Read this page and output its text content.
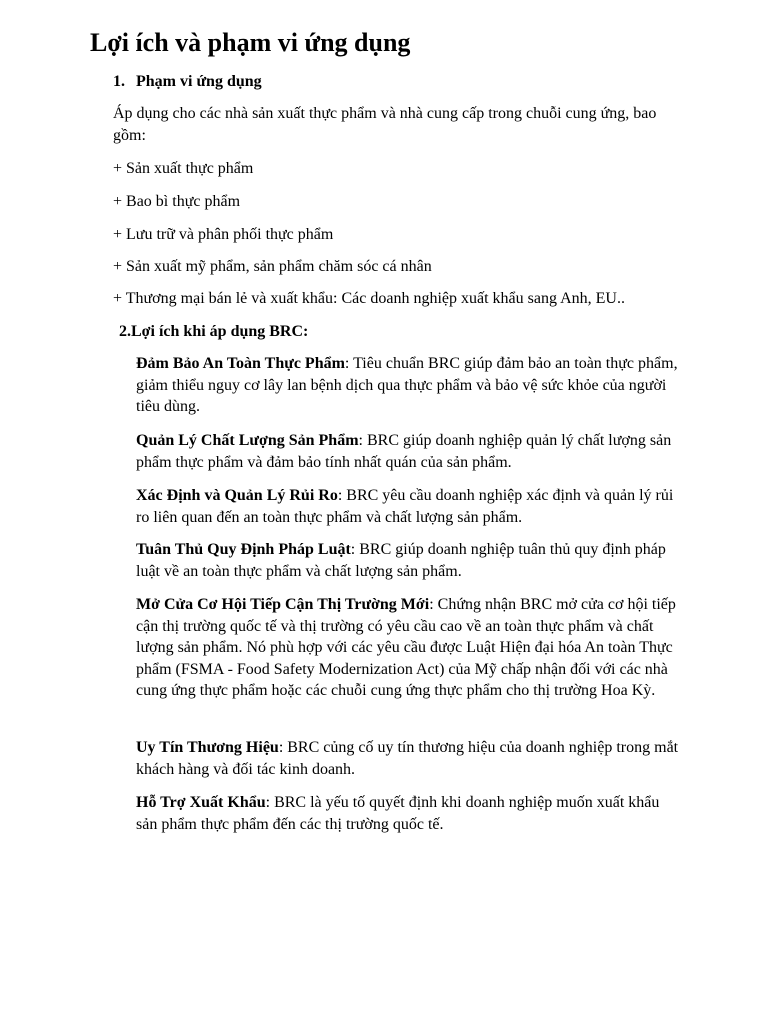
Lợi ích và phạm vi ứng dụng

1. Phạm vi ứng dụng

Áp dụng cho các nhà sản xuất thực phẩm và nhà cung cấp trong chuỗi cung ứng, bao gồm:

+ Sản xuất thực phẩm

+ Bao bì thực phẩm

+ Lưu trữ và phân phối thực phẩm

+ Sản xuất mỹ phẩm, sản phẩm chăm sóc cá nhân

+ Thương mại bán lẻ và xuất khẩu: Các doanh nghiệp xuất khẩu sang Anh, EU..

2.Lợi ích khi áp dụng BRC:

Đảm Bảo An Toàn Thực Phẩm: Tiêu chuẩn BRC giúp đảm bảo an toàn thực phẩm, giảm thiểu nguy cơ lây lan bệnh dịch qua thực phẩm và bảo vệ sức khỏe của người tiêu dùng.

Quản Lý Chất Lượng Sản Phẩm: BRC giúp doanh nghiệp quản lý chất lượng sản phẩm thực phẩm và đảm bảo tính nhất quán của sản phẩm.

Xác Định và Quản Lý Rủi Ro: BRC yêu cầu doanh nghiệp xác định và quản lý rủi ro liên quan đến an toàn thực phẩm và chất lượng sản phẩm.

Tuân Thủ Quy Định Pháp Luật: BRC giúp doanh nghiệp tuân thủ quy định pháp luật về an toàn thực phẩm và chất lượng sản phẩm.

Mở Cửa Cơ Hội Tiếp Cận Thị Trường Mới: Chứng nhận BRC mở cửa cơ hội tiếp cận thị trường quốc tế và thị trường có yêu cầu cao về an toàn thực phẩm và chất lượng sản phẩm. Nó phù hợp với các yêu cầu được Luật Hiện đại hóa An toàn Thực phẩm (FSMA - Food Safety Modernization Act) của Mỹ chấp nhận đối với các nhà cung ứng thực phẩm hoặc các chuỗi cung ứng thực phẩm cho thị trường Hoa Kỳ.

Uy Tín Thương Hiệu: BRC củng cố uy tín thương hiệu của doanh nghiệp trong mắt khách hàng và đối tác kinh doanh.

Hỗ Trợ Xuất Khẩu: BRC là yếu tố quyết định khi doanh nghiệp muốn xuất khẩu sản phẩm thực phẩm đến các thị trường quốc tế.
